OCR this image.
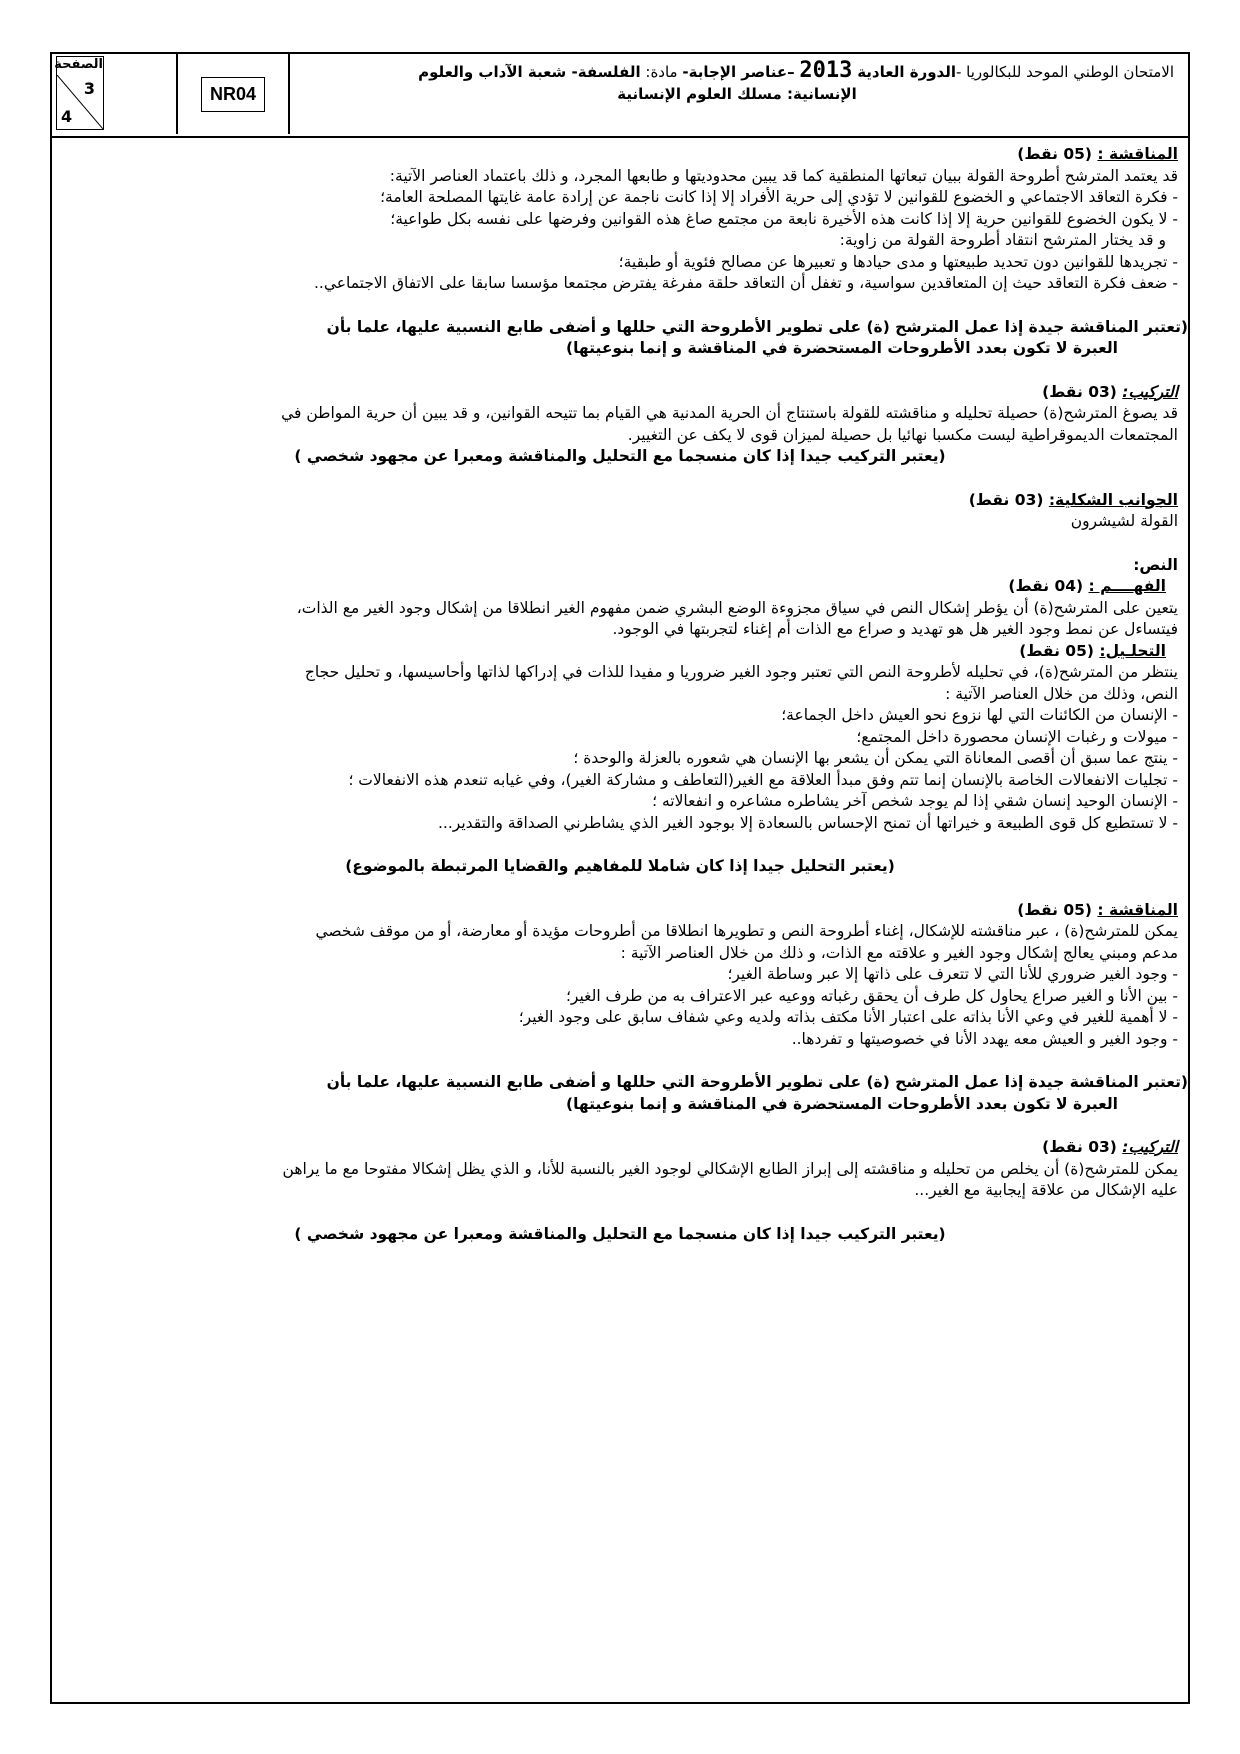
الامتحان الوطني الموحد للبكالوريا -الدورة العادية 2013 –عناصر الإجابة- مادة: الفلسفة- شعبة الآداب والعلوم
الإنسانية: مسلك العلوم الإنسانية
NR04
الصفحة
3
4
المناقشة : (05 نقط)
قد يعتمد المترشح أطروحة القولة ببيان تبعاتها المنطقية كما قد يبين محدوديتها و طابعها المجرد، و ذلك باعتماد العناصر الآتية:
- فكرة التعاقد الاجتماعي و الخضوع للقوانين لا تؤدي إلى حرية الأفراد إلا إذا كانت ناجمة عن إرادة عامة غايتها المصلحة العامة؛
- لا يكون الخضوع للقوانين حرية إلا إذا كانت هذه الأخيرة نابعة من مجتمع صاغ هذه القوانين وفرضها على نفسه بكل طواعية؛
و قد يختار المترشح انتقاد أطروحة القولة من زاوية:
- تجريدها للقوانين دون تحديد طبيعتها و مدى حيادها و تعبيرها عن مصالح فئوية أو طبقية؛
- ضعف فكرة التعاقد حيث إن المتعاقدين سواسية، و تغفل أن التعاقد حلقة مفرغة يفترض مجتمعا مؤسسا سابقا على الاتفاق الاجتماعي..
(تعتبر المناقشة جيدة إذا عمل المترشح (ة) على تطوير الأطروحة التي حللها و أضفى طابع النسبية عليها، علما بأن
العبرة لا تكون بعدد الأطروحات المستحضرة في المناقشة و إنما بنوعيتها)
التركيب: (03 نقط)
قد يصوغ المترشح(ة) حصيلة تحليله و مناقشته للقولة باستنتاج أن الحرية المدنية هي القيام بما تتيحه القوانين، و قد يبين أن حرية المواطن في
المجتمعات الديموقراطية ليست مكسبا نهائيا بل حصيلة لميزان قوى لا يكف عن التغيير.
(يعتبر التركيب جيدا إذا كان منسجما مع التحليل والمناقشة ومعبرا عن مجهود شخصي )
الجوانب الشكلية: (03 نقط)
القولة لشيشرون
النص:
الفهــــم : (04 نقط)
يتعين على المترشح(ة) أن يؤطر إشكال النص في سياق مجزوءة الوضع البشري ضمن مفهوم الغير انطلاقا من إشكال وجود الغير مع الذات،
فيتساءل عن نمط وجود الغير هل هو تهديد و صراع مع الذات أم إغناء لتجربتها في الوجود.
التحلـيل: (05 نقط)
ينتظر من المترشح(ة)، في تحليله لأطروحة النص التي تعتبر وجود الغير ضروريا و مفيدا للذات في إدراكها لذاتها وأحاسيسها، و تحليل حجاج
النص، وذلك من خلال العناصر الآتية :
- الإنسان من الكائنات التي لها نزوع نحو العيش داخل الجماعة؛
- ميولات و رغبات الإنسان محصورة داخل المجتمع؛
- ينتج عما سبق أن أقصى المعاناة التي يمكن أن يشعر بها الإنسان هي شعوره بالعزلة والوحدة ؛
- تجليات الانفعالات الخاصة بالإنسان إنما تتم وفق مبدأ العلاقة مع الغير(التعاطف و مشاركة الغير)، وفي غيابه تنعدم هذه الانفعالات ؛
- الإنسان الوحيد إنسان شقي إذا لم يوجد شخص آخر يشاطره مشاعره و انفعالاته ؛
- لا تستطيع كل قوى الطبيعة و خيراتها أن تمنح الإحساس بالسعادة إلا بوجود الغير الذي يشاطرني الصداقة والتقدير...
(يعتبر التحليل جيدا إذا كان شاملا للمفاهيم والقضايا المرتبطة بالموضوع)
المناقشة : (05 نقط)
يمكن للمترشح(ة) ، عبر مناقشته للإشكال، إغناء أطروحة النص و تطويرها انطلاقا من أطروحات مؤيدة أو معارضة، أو من موقف شخصي
مدعم ومبني يعالج إشكال وجود الغير و علاقته مع الذات، و ذلك من خلال العناصر الآتية :
- وجود الغير ضروري للأنا التي لا تتعرف على ذاتها إلا عبر وساطة الغير؛
- بين الأنا و الغير صراع يحاول كل طرف أن يحقق رغباته ووعيه عبر الاعتراف به من طرف الغير؛
- لا أهمية للغير في وعي الأنا بذاته على اعتبار الأنا مكتف بذاته ولديه وعي شفاف سابق على وجود الغير؛
- وجود الغير و العيش معه يهدد الأنا في خصوصيتها و تفردها..
(تعتبر المناقشة جيدة إذا عمل المترشح (ة) على تطوير الأطروحة التي حللها و أضفى طابع النسبية عليها، علما بأن
العبرة لا تكون بعدد الأطروحات المستحضرة في المناقشة و إنما بنوعيتها)
التركيب: (03 نقط)
يمكن للمترشح(ة) أن يخلص من تحليله و مناقشته إلى إبراز الطابع الإشكالي لوجود الغير بالنسبة للأنا، و الذي يظل إشكالا مفتوحا مع ما يراهن
عليه الإشكال من علاقة إيجابية مع الغير...
(يعتبر التركيب جيدا إذا كان منسجما مع التحليل والمناقشة ومعبرا عن مجهود شخصي )
